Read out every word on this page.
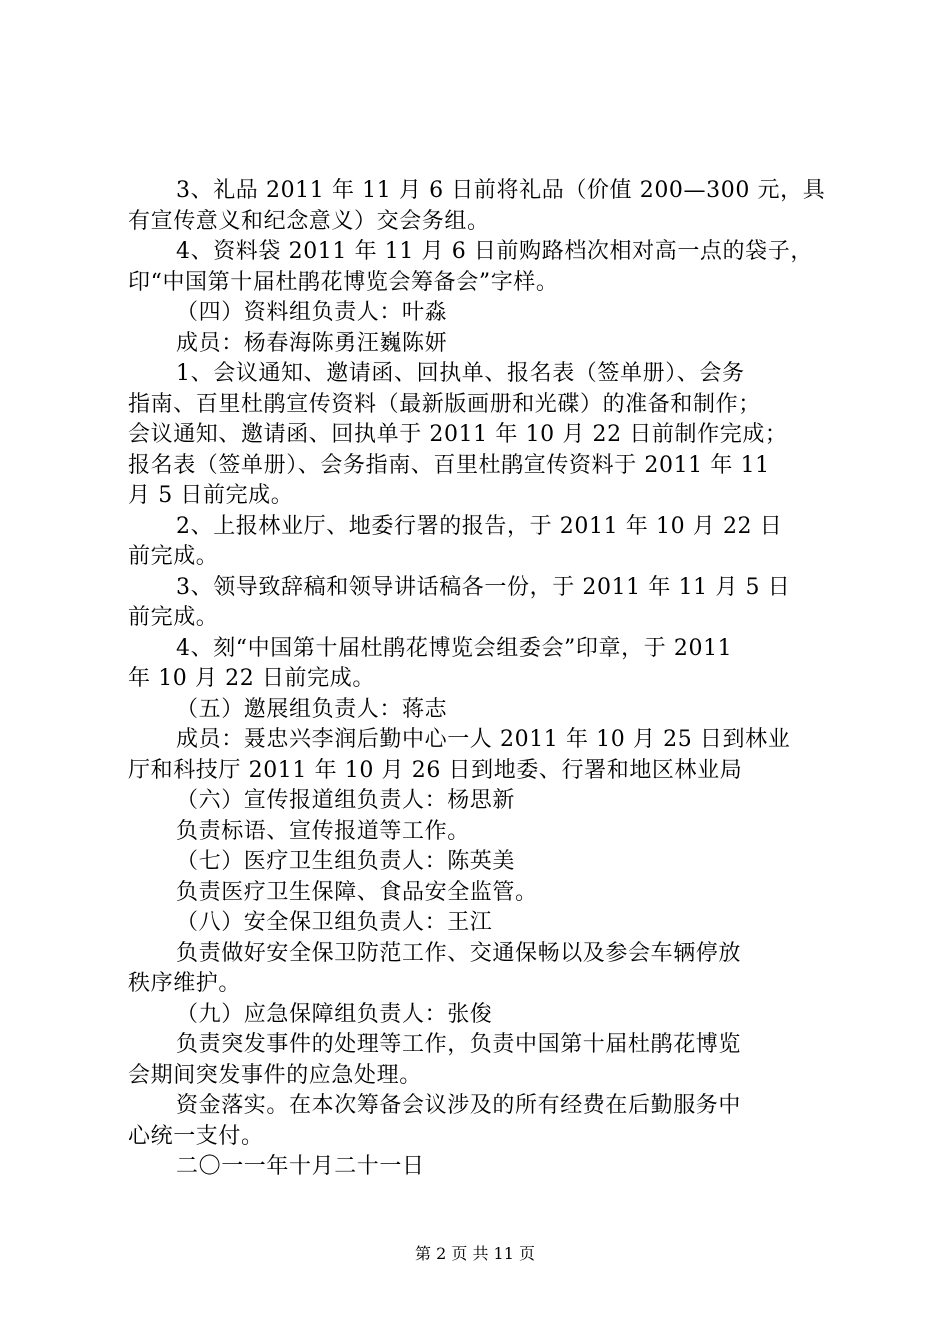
3、礼品 2011 年 11 月 6 日前将礼品（价值 200—300 元，具
有宣传意义和纪念意义）交会务组。
4、资料袋 2011 年 11 月 6 日前购路档次相对高一点的袋子，
印“中国第十届杜鹃花博览会筹备会”字样。
（四）资料组负责人：叶淼
成员：杨春海陈勇汪巍陈妍
1、会议通知、邀请函、回执单、报名表（签单册）、会务
指南、百里杜鹃宣传资料（最新版画册和光碟）的准备和制作；
会议通知、邀请函、回执单于 2011 年 10 月 22 日前制作完成；
报名表（签单册）、会务指南、百里杜鹃宣传资料于 2011 年 11
月 5 日前完成。
2、上报林业厅、地委行署的报告，于 2011 年 10 月 22 日
前完成。
3、领导致辞稿和领导讲话稿各一份，于 2011 年 11 月 5 日
前完成。
4、刻“中国第十届杜鹃花博览会组委会”印章，于 2011
年 10 月 22 日前完成。
（五）邀展组负责人：蒋志
成员：聂忠兴李润后勤中心一人 2011 年 10 月 25 日到林业
厅和科技厅 2011 年 10 月 26 日到地委、行署和地区林业局
（六）宣传报道组负责人：杨思新
负责标语、宣传报道等工作。
（七）医疗卫生组负责人：陈英美
负责医疗卫生保障、食品安全监管。
（八）安全保卫组负责人：王江
负责做好安全保卫防范工作、交通保畅以及参会车辆停放
秩序维护。
（九）应急保障组负责人：张俊
负责突发事件的处理等工作，负责中国第十届杜鹃花博览
会期间突发事件的应急处理。
资金落实。在本次筹备会议涉及的所有经费在后勤服务中
心统一支付。
二〇一一年十月二十一日
第 2 页 共 11 页
